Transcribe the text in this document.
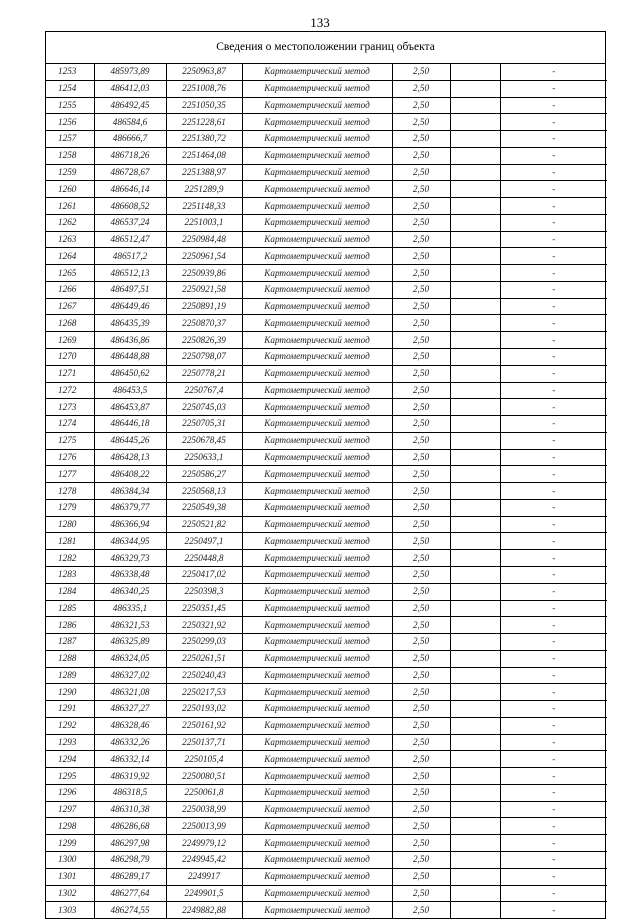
133
Сведения о местоположении границ объекта
1253	485973,89	2250963,87	Картометрический метод	2,50		-
1254	486412,03	2251008,76	Картометрический метод	2,50		-
1255	486492,45	2251050,35	Картометрический метод	2,50		-
1256	486584,6	2251228,61	Картометрический метод	2,50		-
1257	486666,7	2251380,72	Картометрический метод	2,50		-
1258	486718,26	2251464,08	Картометрический метод	2,50		-
1259	486728,67	2251388,97	Картометрический метод	2,50		-
1260	486646,14	2251289,9	Картометрический метод	2,50		-
1261	486608,52	2251148,33	Картометрический метод	2,50		-
1262	486537,24	2251003,1	Картометрический метод	2,50		-
1263	486512,47	2250984,48	Картометрический метод	2,50		-
1264	486517,2	2250961,54	Картометрический метод	2,50		-
1265	486512,13	2250939,86	Картометрический метод	2,50		-
1266	486497,51	2250921,58	Картометрический метод	2,50		-
1267	486449,46	2250891,19	Картометрический метод	2,50		-
1268	486435,39	2250870,37	Картометрический метод	2,50		-
1269	486436,86	2250826,39	Картометрический метод	2,50		-
1270	486448,88	2250798,07	Картометрический метод	2,50		-
1271	486450,62	2250778,21	Картометрический метод	2,50		-
1272	486453,5	2250767,4	Картометрический метод	2,50		-
1273	486453,87	2250745,03	Картометрический метод	2,50		-
1274	486446,18	2250705,31	Картометрический метод	2,50		-
1275	486445,26	2250678,45	Картометрический метод	2,50		-
1276	486428,13	2250633,1	Картометрический метод	2,50		-
1277	486408,22	2250586,27	Картометрический метод	2,50		-
1278	486384,34	2250568,13	Картометрический метод	2,50		-
1279	486379,77	2250549,38	Картометрический метод	2,50		-
1280	486366,94	2250521,82	Картометрический метод	2,50		-
1281	486344,95	2250497,1	Картометрический метод	2,50		-
1282	486329,73	2250448,8	Картометрический метод	2,50		-
1283	486338,48	2250417,02	Картометрический метод	2,50		-
1284	486340,25	2250398,3	Картометрический метод	2,50		-
1285	486335,1	2250351,45	Картометрический метод	2,50		-
1286	486321,53	2250321,92	Картометрический метод	2,50		-
1287	486325,89	2250299,03	Картометрический метод	2,50		-
1288	486324,05	2250261,51	Картометрический метод	2,50		-
1289	486327,02	2250240,43	Картометрический метод	2,50		-
1290	486321,08	2250217,53	Картометрический метод	2,50		-
1291	486327,27	2250193,02	Картометрический метод	2,50		-
1292	486328,46	2250161,92	Картометрический метод	2,50		-
1293	486332,26	2250137,71	Картометрический метод	2,50		-
1294	486332,14	2250105,4	Картометрический метод	2,50		-
1295	486319,92	2250080,51	Картометрический метод	2,50		-
1296	486318,5	2250061,8	Картометрический метод	2,50		-
1297	486310,38	2250038,99	Картометрический метод	2,50		-
1298	486286,68	2250013,99	Картометрический метод	2,50		-
1299	486297,98	2249979,12	Картометрический метод	2,50		-
1300	486298,79	2249945,42	Картометрический метод	2,50		-
1301	486289,17	2249917	Картометрический метод	2,50		-
1302	486277,64	2249901,5	Картометрический метод	2,50		-
1303	486274,55	2249882,88	Картометрический метод	2,50		-
